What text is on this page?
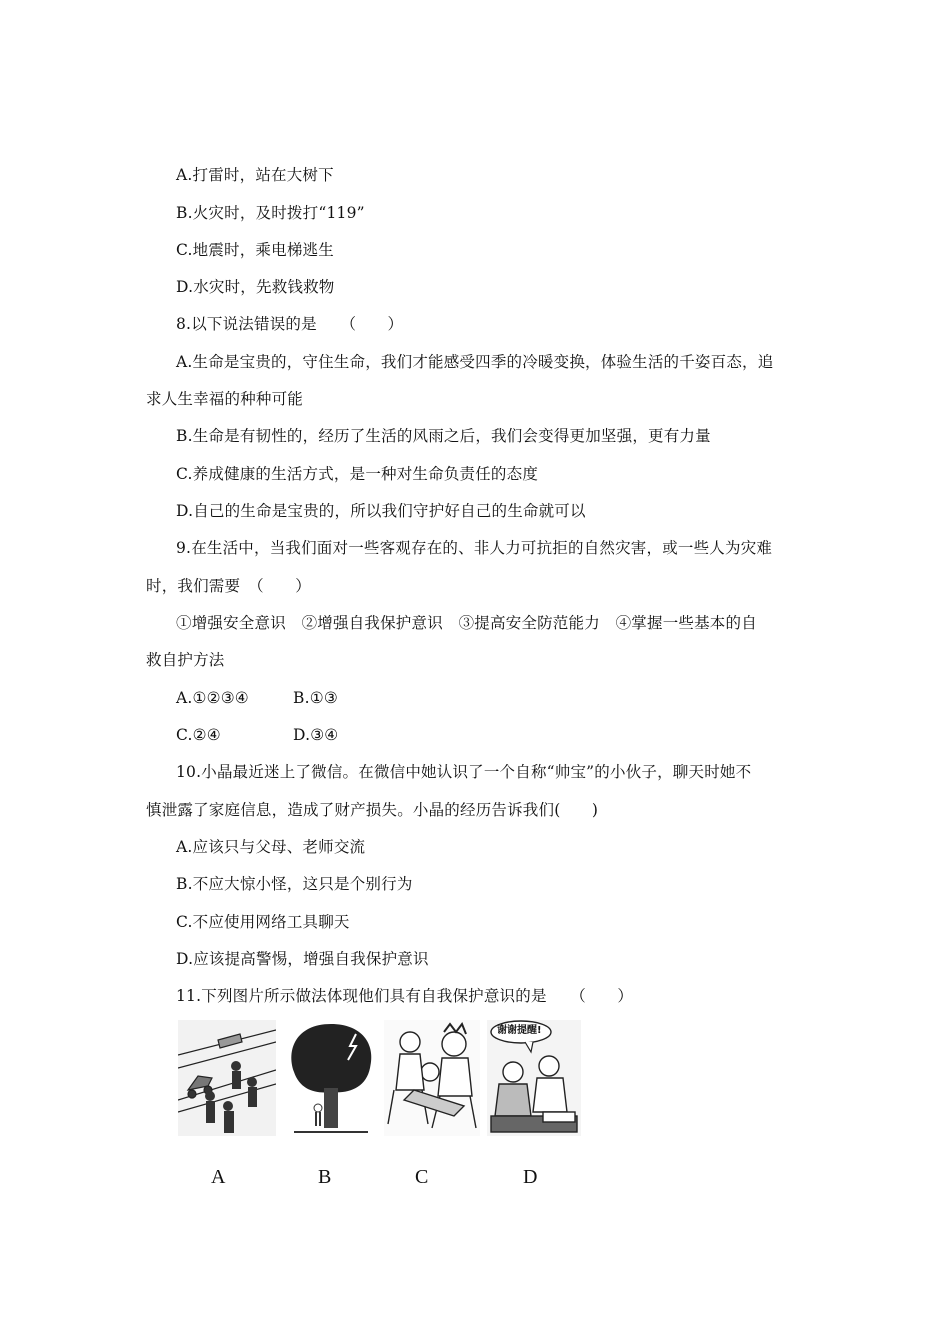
A.打雷时，站在大树下
B.火灾时，及时拨打“119”
C.地震时，乘电梯逃生
D.水灾时，先救钱救物
8.以下说法错误的是　　（　　）
A.生命是宝贵的，守住生命，我们才能感受四季的冷暖变换，体验生活的千姿百态，追
求人生幸福的种种可能
B.生命是有韧性的，经历了生活的风雨之后，我们会变得更加坚强，更有力量
C.养成健康的生活方式，是一种对生命负责任的态度
D.自己的生命是宝贵的，所以我们守护好自己的生命就可以
9.在生活中，当我们面对一些客观存在的、非人力可抗拒的自然灾害，或一些人为灾难
时，我们需要　（　　）
①增强安全意识　②增强自我保护意识　③提高安全防范能力　④掌握一些基本的自
救自护方法
A.①②③④	B.①③
C.②④	D.③④
10.小晶最近迷上了微信。在微信中她认识了一个自称“帅宝”的小伙子，聊天时她不
慎泄露了家庭信息，造成了财产损失。小晶的经历告诉我们(　　)
A.应该只与父母、老师交流
B.不应大惊小怪，这只是个别行为
C.不应使用网络工具聊天
D.应该提高警惕，增强自我保护意识
11.下列图片所示做法体现他们具有自我保护意识的是　　（　　）
谢谢提醒!
A	B	C	D
